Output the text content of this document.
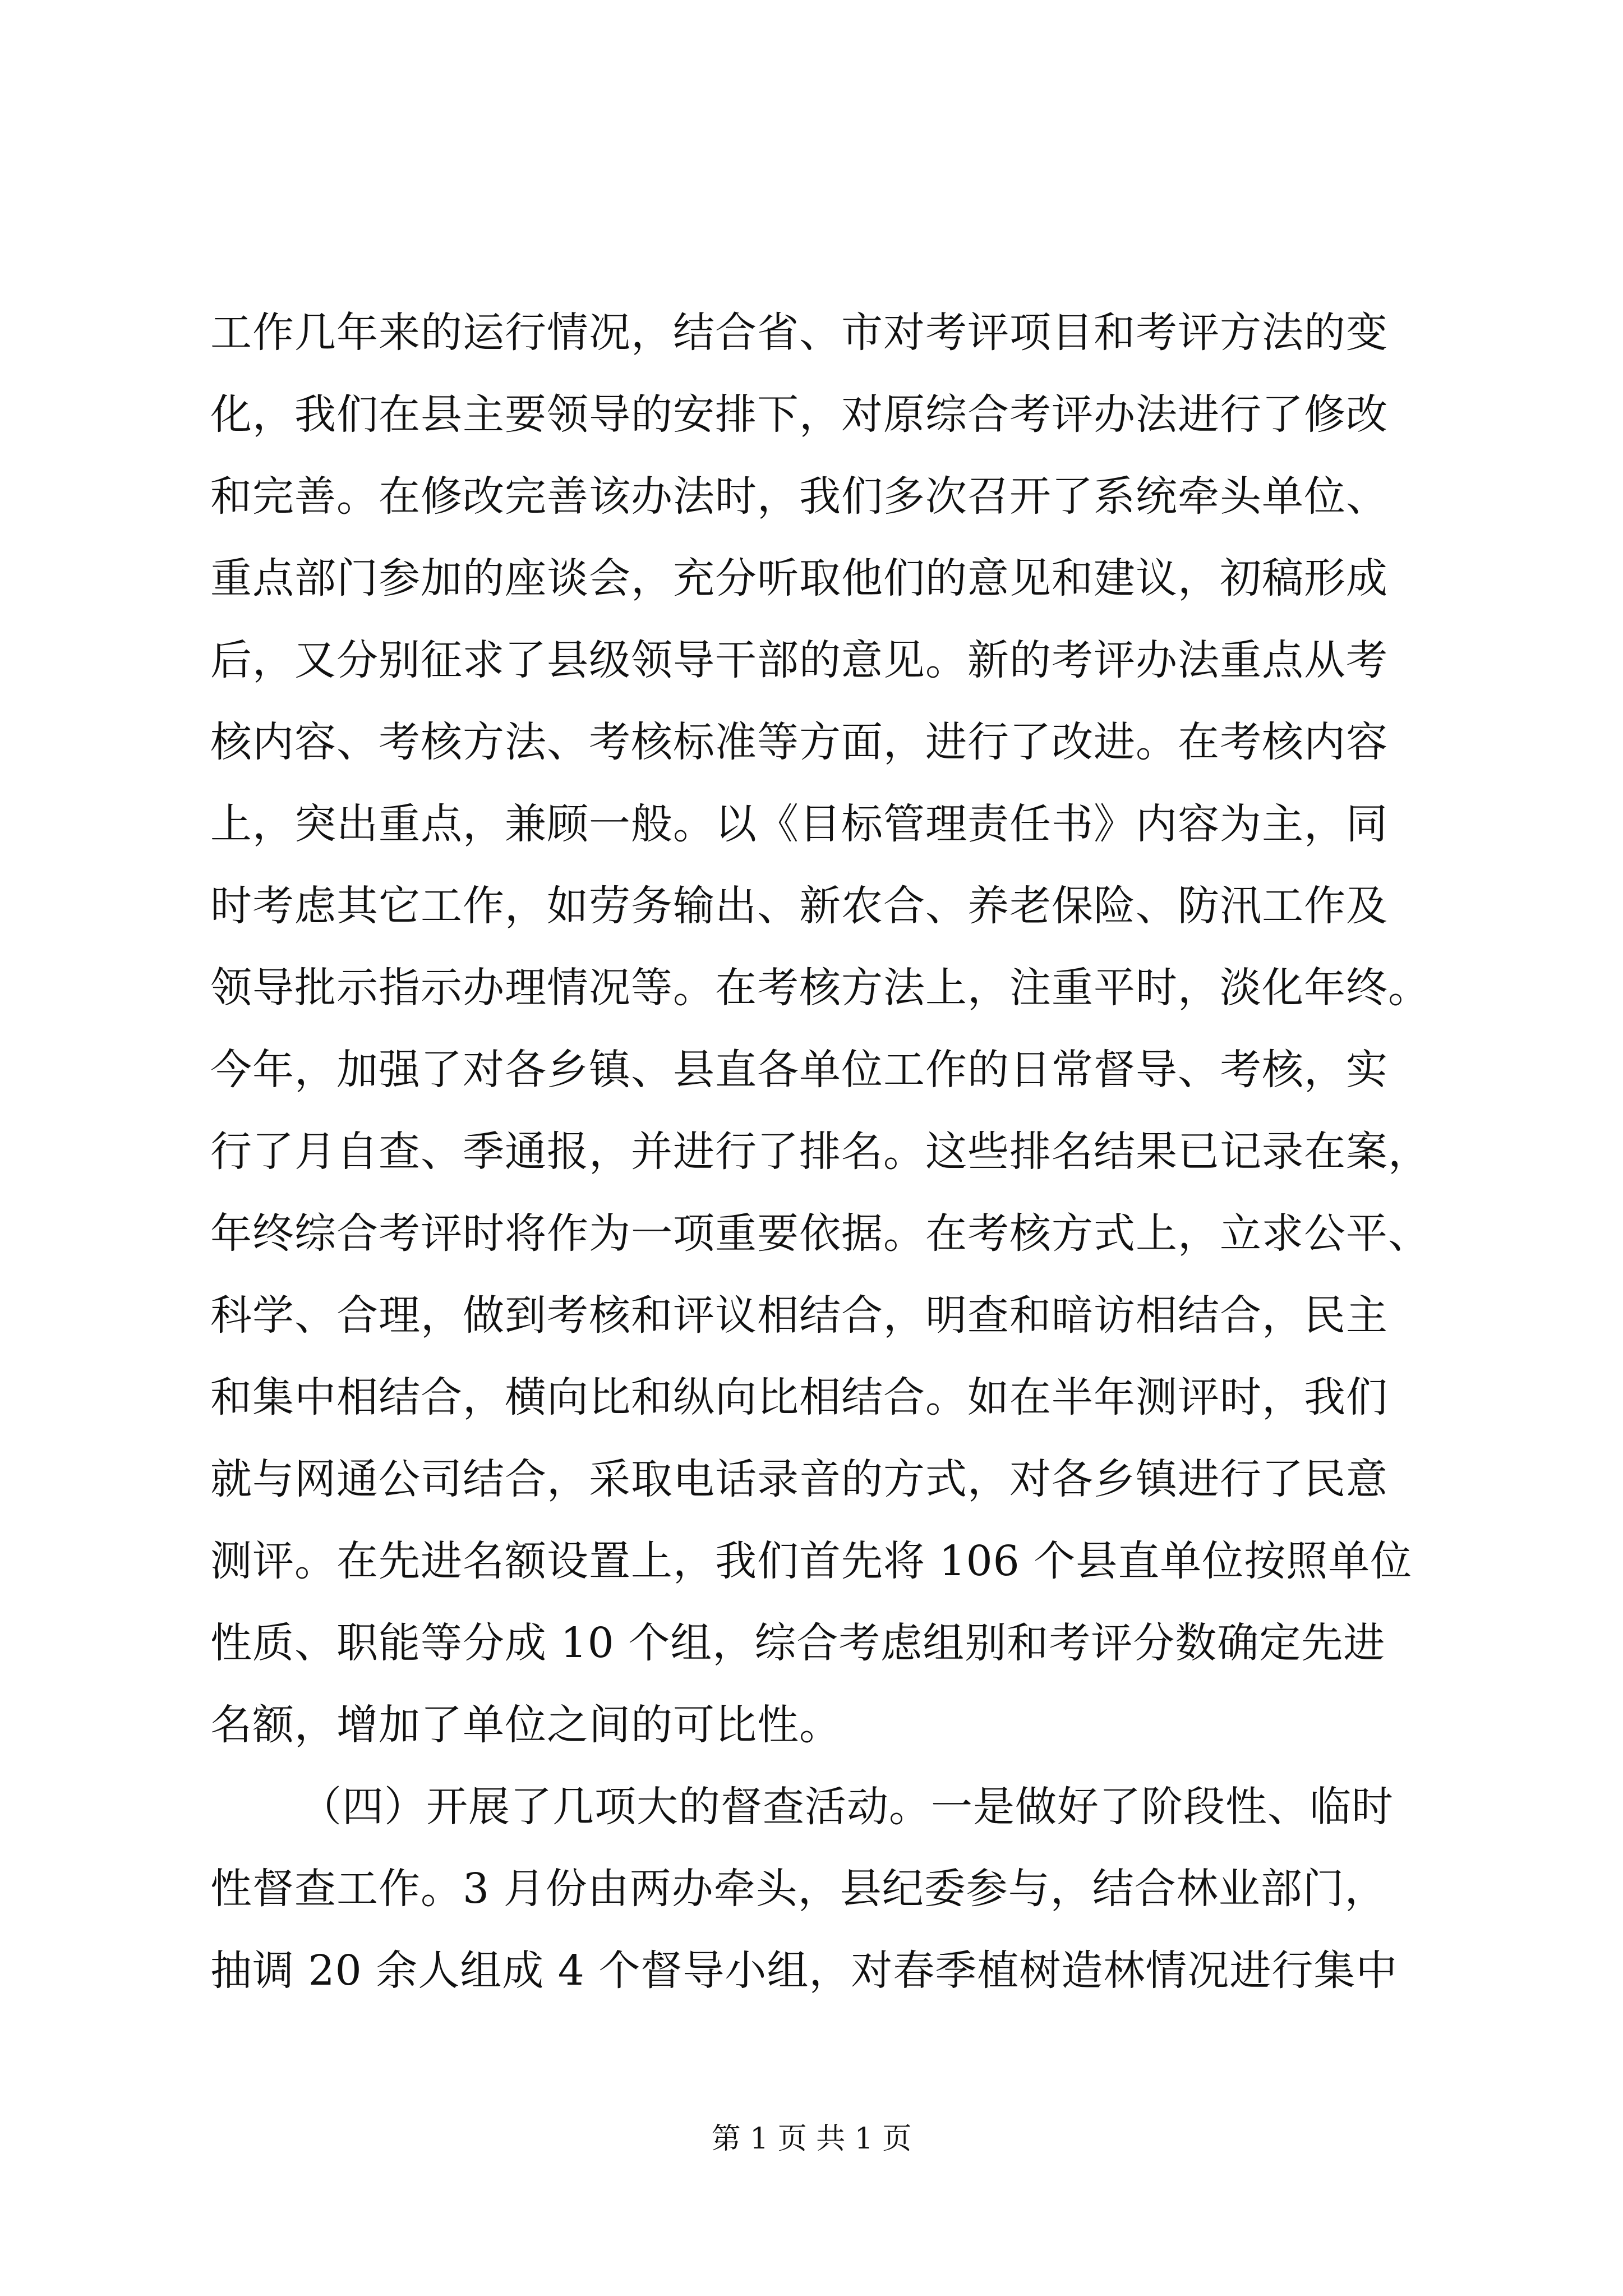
工作几年来的运行情况，结合省、市对考评项目和考评方法的变
化，我们在县主要领导的安排下，对原综合考评办法进行了修改
和完善。在修改完善该办法时，我们多次召开了系统牵头单位、
重点部门参加的座谈会，充分听取他们的意见和建议，初稿形成
后，又分别征求了县级领导干部的意见。新的考评办法重点从考
核内容、考核方法、考核标准等方面，进行了改进。在考核内容
上，突出重点，兼顾一般。以《目标管理责任书》内容为主，同
时考虑其它工作，如劳务输出、新农合、养老保险、防汛工作及
领导批示指示办理情况等。在考核方法上，注重平时，淡化年终。
今年，加强了对各乡镇、县直各单位工作的日常督导、考核，实
行了月自查、季通报，并进行了排名。这些排名结果已记录在案，
年终综合考评时将作为一项重要依据。在考核方式上，立求公平、
科学、合理，做到考核和评议相结合，明查和暗访相结合，民主
和集中相结合，横向比和纵向比相结合。如在半年测评时，我们
就与网通公司结合，采取电话录音的方式，对各乡镇进行了民意
测评。在先进名额设置上，我们首先将 106 个县直单位按照单位
性质、职能等分成 10 个组，综合考虑组别和考评分数确定先进
名额，增加了单位之间的可比性。
（四）开展了几项大的督查活动。一是做好了阶段性、临时
性督查工作。3 月份由两办牵头，县纪委参与，结合林业部门，
抽调 20 余人组成 4 个督导小组，对春季植树造林情况进行集中
第 1 页 共 1 页
